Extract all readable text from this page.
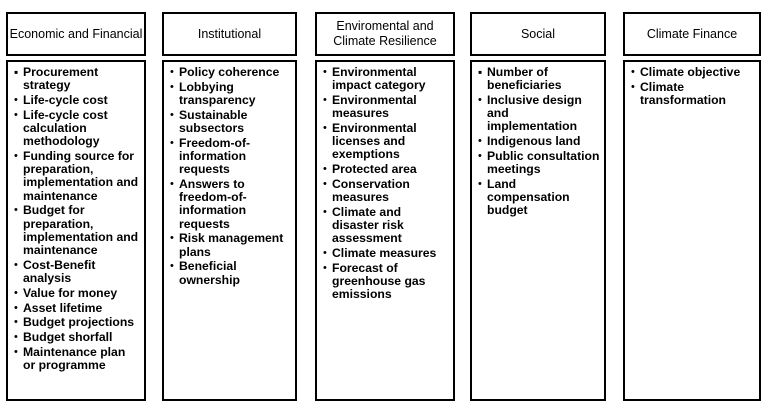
Economic and Financial
▪ Procurement strategy
• Life-cycle cost
• Life-cycle cost calculation methodology
• Funding source for preparation, implementation and maintenance
• Budget for preparation, implementation and maintenance
• Cost-Benefit analysis
• Value for money
• Asset lifetime
• Budget projections
• Budget shorfall
• Maintenance plan or programme
Institutional
• Policy coherence
• Lobbying transparency
• Sustainable subsectors
• Freedom-of-information requests
• Answers to freedom-of-information requests
• Risk management plans
• Beneficial ownership
Enviromental and Climate Resilience
• Environmental impact category
• Environmental measures
• Environmental licenses and exemptions
• Protected area
• Conservation measures
• Climate and disaster risk assessment
• Climate measures
• Forecast of greenhouse gas emissions
Social
▪ Number of beneficiaries
• Inclusive design and implementation
• Indigenous land
• Public consultation meetings
• Land compensation budget
Climate Finance
• Climate objective
• Climate transformation
